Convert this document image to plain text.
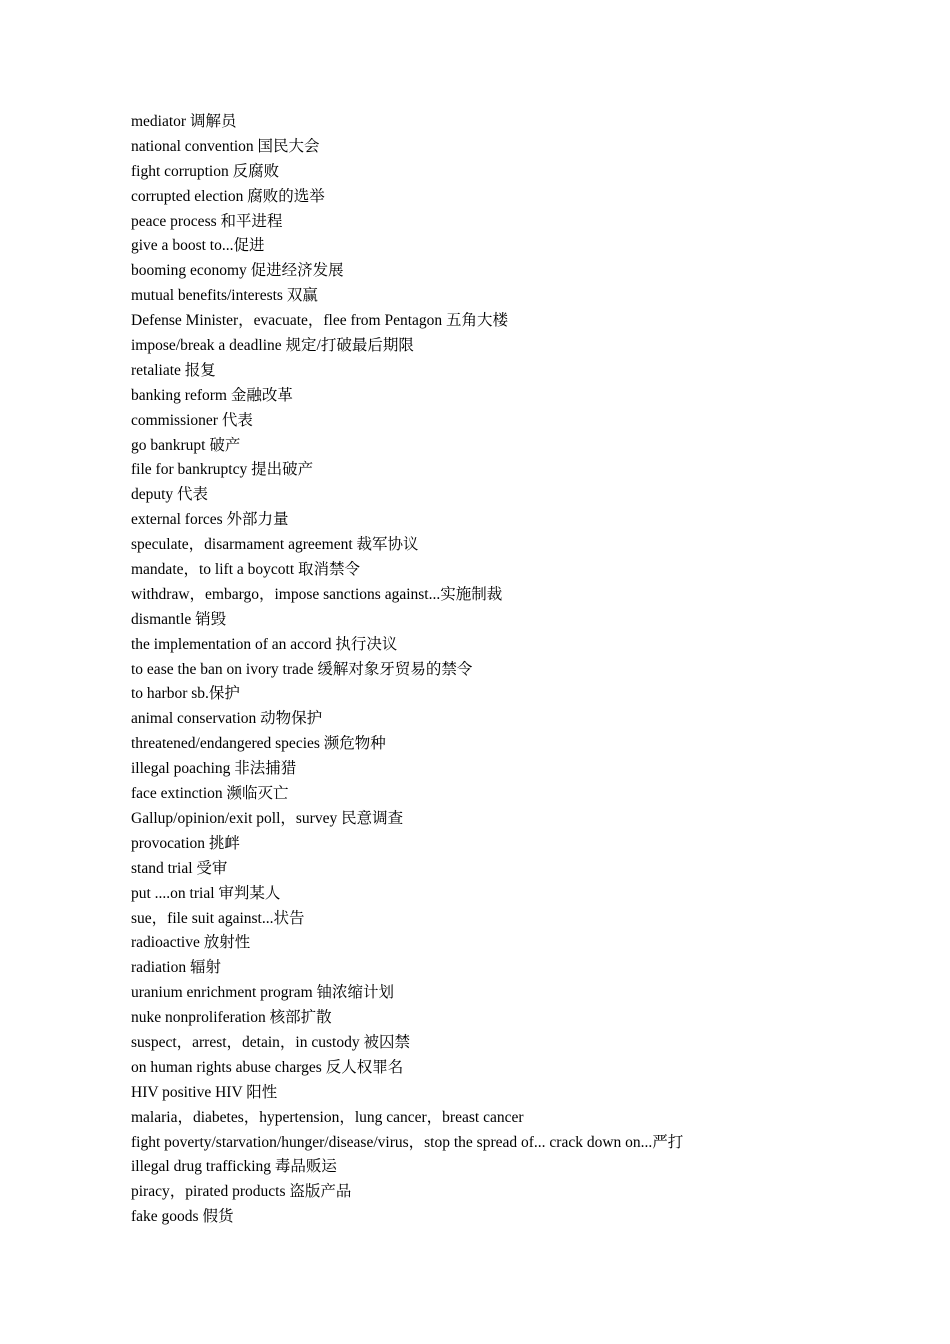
mediator 调解员
national convention 国民大会
fight corruption 反腐败
corrupted election 腐败的选举
peace process 和平进程
give a boost to...促进
booming economy 促进经济发展
mutual benefits/interests 双赢
Defense Minister，evacuate，flee from Pentagon 五角大楼
impose/break a deadline 规定/打破最后期限
retaliate 报复
banking reform 金融改革
commissioner 代表
go bankrupt 破产
file for bankruptcy 提出破产
deputy 代表
external forces 外部力量
speculate，disarmament agreement 裁军协议
mandate，to lift a boycott 取消禁令
withdraw，embargo，impose sanctions against...实施制裁
dismantle 销毁
the implementation of an accord 执行决议
to ease the ban on ivory trade 缓解对象牙贸易的禁令
to harbor sb.保护
animal conservation 动物保护
threatened/endangered species 濒危物种
illegal poaching 非法捕猎
face extinction 濒临灭亡
Gallup/opinion/exit poll，survey 民意调查
provocation 挑衅
stand trial 受审
put ....on trial 审判某人
sue，file suit against...状告
radioactive 放射性
radiation 辐射
uranium enrichment program 铀浓缩计划
nuke nonproliferation 核部扩散
suspect，arrest，detain，in custody 被囚禁
on human rights abuse charges 反人权罪名
HIV positive HIV 阳性
malaria，diabetes，hypertension，lung cancer，breast cancer
fight poverty/starvation/hunger/disease/virus，stop the spread of... crack down on...严打
illegal drug trafficking 毒品贩运
piracy，pirated products 盗版产品
fake goods 假货
